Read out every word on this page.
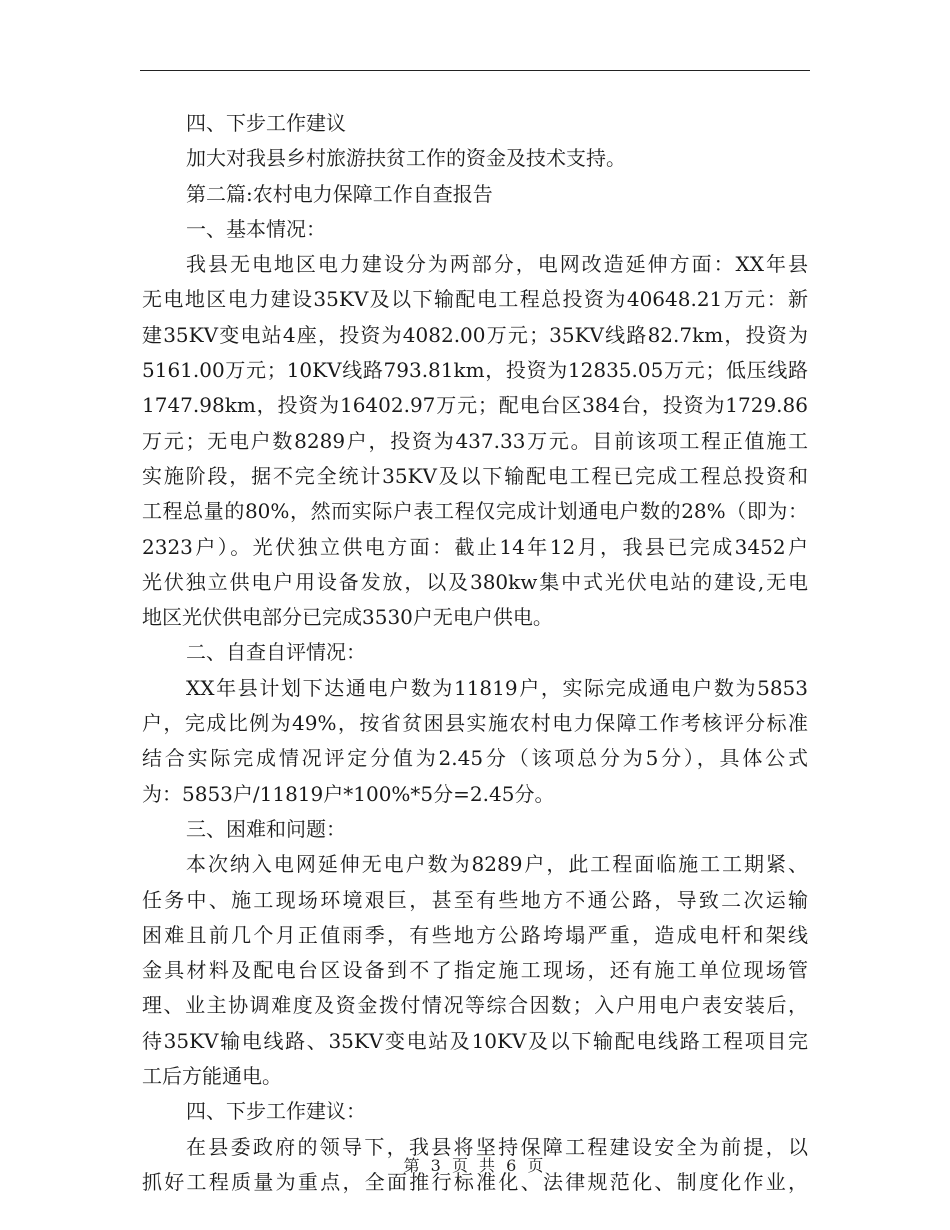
四、下步工作建议
加大对我县乡村旅游扶贫工作的资金及技术支持。
第二篇:农村电力保障工作自查报告
一、基本情况：
我县无电地区电力建设分为两部分，电网改造延伸方面：XX年县
无电地区电力建设35KV及以下输配电工程总投资为40648.21万元：新
建35KV变电站4座，投资为4082.00万元；35KV线路82.7km，投资为
5161.00万元；10KV线路793.81km，投资为12835.05万元；低压线路
1747.98km，投资为16402.97万元；配电台区384台，投资为1729.86
万元；无电户数8289户，投资为437.33万元。目前该项工程正值施工
实施阶段，据不完全统计35KV及以下输配电工程已完成工程总投资和
工程总量的80%，然而实际户表工程仅完成计划通电户数的28%（即为：
2323户）。光伏独立供电方面：截止14年12月，我县已完成3452户
光伏独立供电户用设备发放，以及380kw集中式光伏电站的建设,无电
地区光伏供电部分已完成3530户无电户供电。
二、自查自评情况：
XX年县计划下达通电户数为11819户，实际完成通电户数为5853
户，完成比例为49%，按省贫困县实施农村电力保障工作考核评分标准
结合实际完成情况评定分值为2.45分（该项总分为5分），具体公式
为：5853户/11819户*100%*5分=2.45分。
三、困难和问题：
本次纳入电网延伸无电户数为8289户，此工程面临施工工期紧、
任务中、施工现场环境艰巨，甚至有些地方不通公路，导致二次运输
困难且前几个月正值雨季，有些地方公路垮塌严重，造成电杆和架线
金具材料及配电台区设备到不了指定施工现场，还有施工单位现场管
理、业主协调难度及资金拨付情况等综合因数；入户用电户表安装后，
待35KV输电线路、35KV变电站及10KV及以下输配电线路工程项目完
工后方能通电。
四、下步工作建议：
在县委政府的领导下，我县将坚持保障工程建设安全为前提，以
抓好工程质量为重点，全面推行标准化、法律规范化、制度化作业，
第 3 页 共 6 页
